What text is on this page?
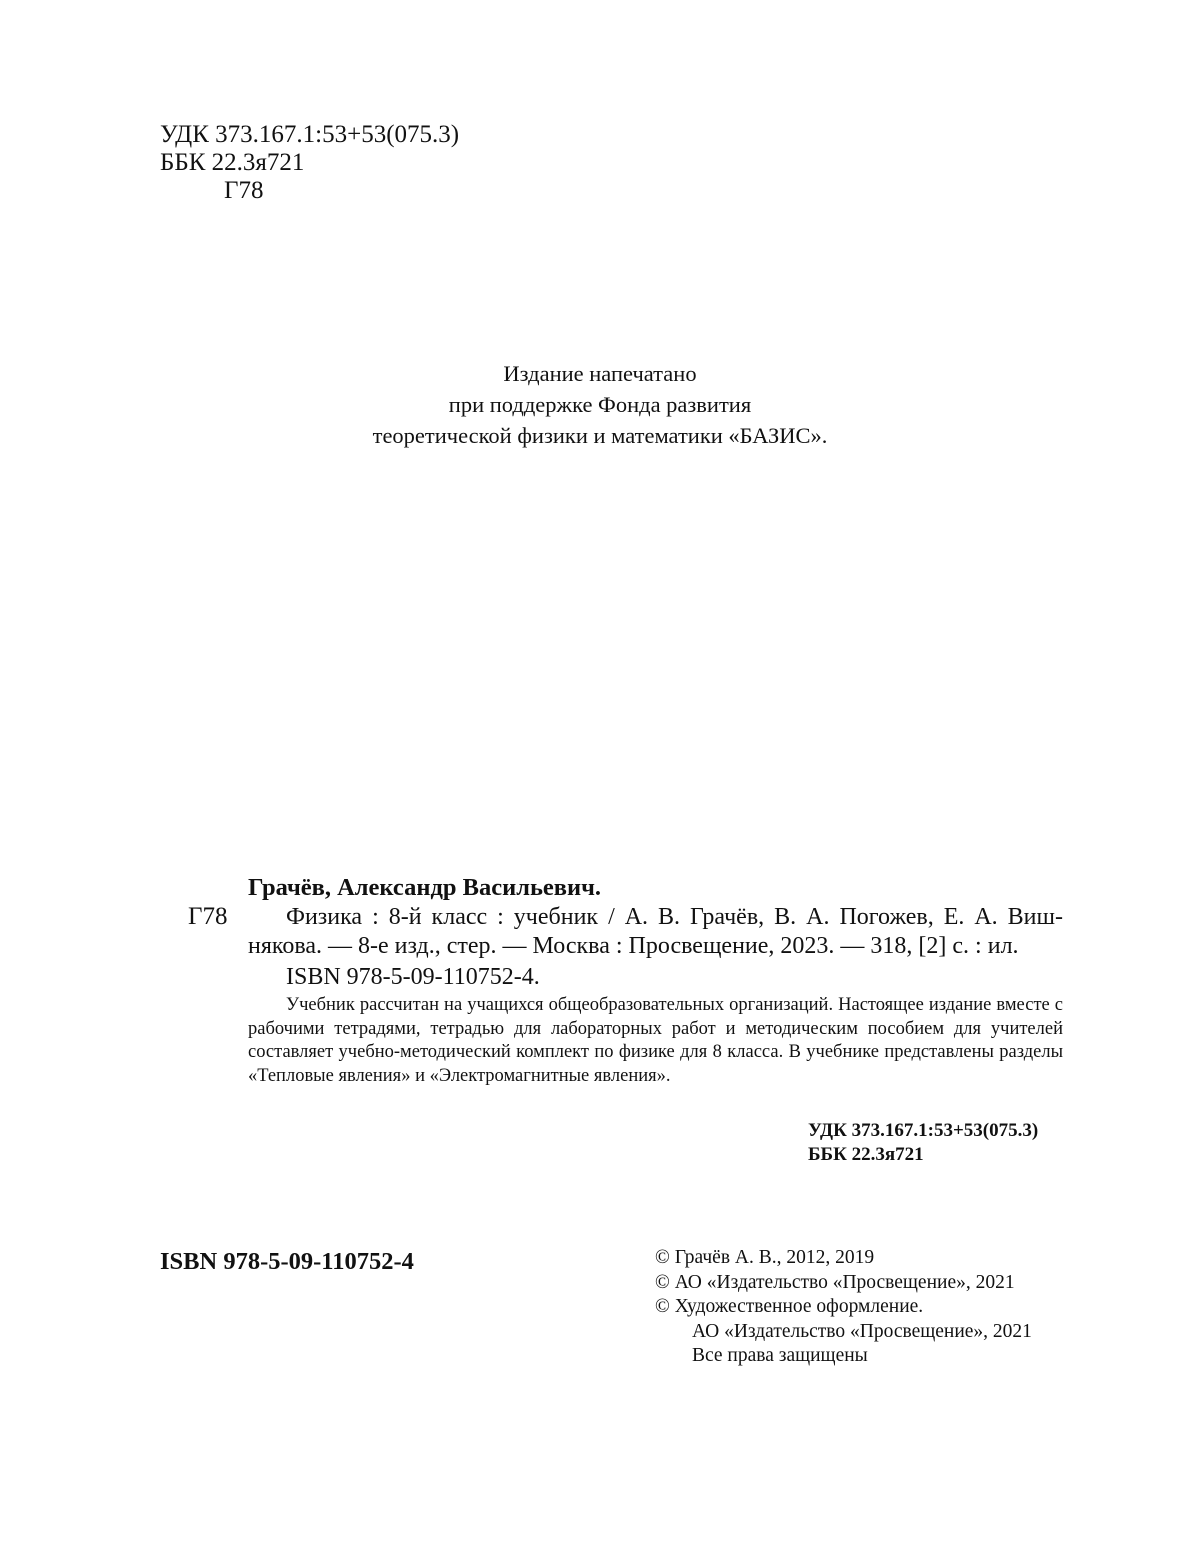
УДК 373.167.1:53+53(075.3)
ББК 22.3я721
Г78
Издание напечатано
при поддержке Фонда развития
теоретической физики и математики «БАЗИС».
Г78

Грачёв, Александр Васильевич.

Физика : 8-й класс : учебник / А. В. Грачёв, В. А. Погожев, Е. А. Виш-

някова. — 8-е изд., стер. — Москва : Просвещение, 2023. — 318, [2] с. : ил.

ISBN 978-5-09-110752-4.

Учебник рассчитан на учащихся общеобразовательных организаций. Настоящее издание вместе с рабочими тетрадями, тетрадью для лабораторных работ и методическим пособием для учителей составляет учебно-методический комплект по физике для 8 класса. В учебнике представлены разделы «Тепловые явления» и «Электромагнитные явления».

УДК 373.167.1:53+53(075.3)
ББК 22.3я721
ISBN 978-5-09-110752-4	© Грачёв А. В., 2012, 2019
© АО «Издательство «Просвещение», 2021
© Художественное оформление.
АО «Издательство «Просвещение», 2021
Все права защищены
